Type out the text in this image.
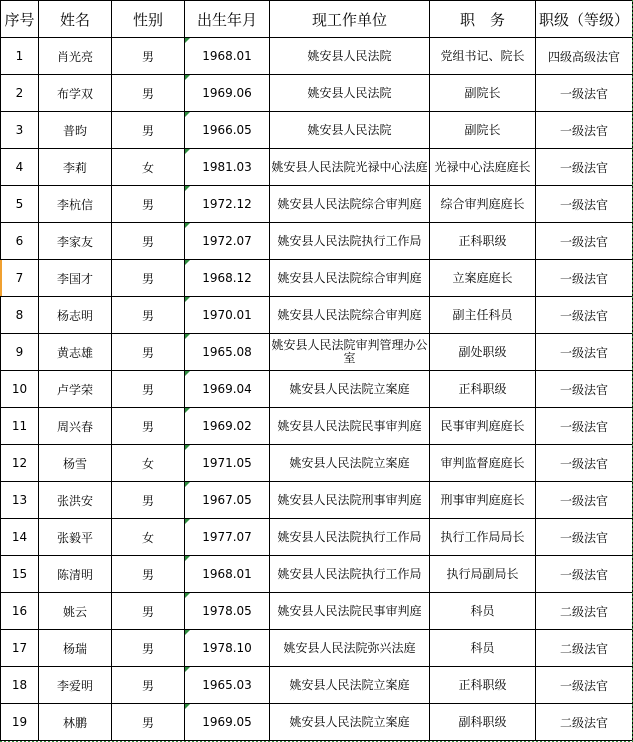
序号	姓名	性别	出生年月	现工作单位	职　务	职级（等级）
1	肖光亮	男	1968.01	姚安县人民法院	党组书记、院长	四级高级法官
2	布学双	男	1969.06	姚安县人民法院	副院长	一级法官
3	普昀	男	1966.05	姚安县人民法院	副院长	一级法官
4	李莉	女	1981.03	姚安县人民法院光禄中心法庭	光禄中心法庭庭长	一级法官
5	李杭信	男	1972.12	姚安县人民法院综合审判庭	综合审判庭庭长	一级法官
6	李家友	男	1972.07	姚安县人民法院执行工作局	正科职级	一级法官
7	李国才	男	1968.12	姚安县人民法院综合审判庭	立案庭庭长	一级法官
8	杨志明	男	1970.01	姚安县人民法院综合审判庭	副主任科员	一级法官
9	黄志雄	男	1965.08	姚安县人民法院审判管理办公室	副处职级	一级法官
10	卢学荣	男	1969.04	姚安县人民法院立案庭	正科职级	一级法官
11	周兴春	男	1969.02	姚安县人民法院民事审判庭	民事审判庭庭长	一级法官
12	杨雪	女	1971.05	姚安县人民法院立案庭	审判监督庭庭长	一级法官
13	张洪安	男	1967.05	姚安县人民法院刑事审判庭	刑事审判庭庭长	一级法官
14	张毅平	女	1977.07	姚安县人民法院执行工作局	执行工作局局长	一级法官
15	陈清明	男	1968.01	姚安县人民法院执行工作局	执行局副局长	一级法官
16	姚云	男	1978.05	姚安县人民法院民事审判庭	科员	二级法官
17	杨瑞	男	1978.10	姚安县人民法院弥兴法庭	科员	二级法官
18	李爱明	男	1965.03	姚安县人民法院立案庭	正科职级	一级法官
19	林鹏	男	1969.05	姚安县人民法院立案庭	副科职级	二级法官
